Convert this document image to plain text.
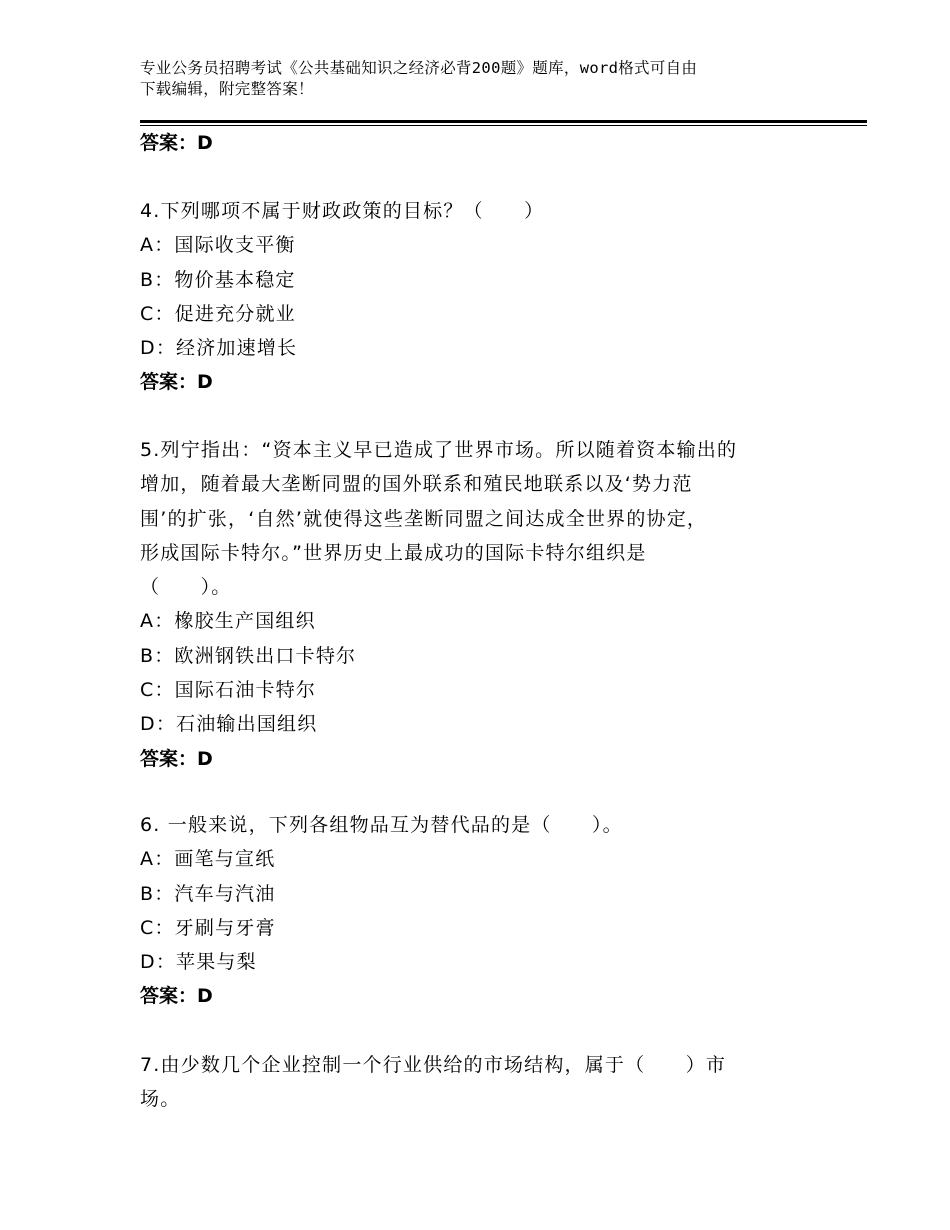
专业公务员招聘考试《公共基础知识之经济必背200题》题库，word格式可自由
下载编辑，附完整答案！
答案：D
4.下列哪项不属于财政政策的目标？（　　）
A：国际收支平衡
B：物价基本稳定
C：促进充分就业
D：经济加速增长
答案：D
5.列宁指出：“资本主义早已造成了世界市场。所以随着资本输出的
增加，随着最大垄断同盟的国外联系和殖民地联系以及‘势力范
围’的扩张，‘自然’就使得这些垄断同盟之间达成全世界的协定，
形成国际卡特尔。”世界历史上最成功的国际卡特尔组织是
（　　）。
A：橡胶生产国组织
B：欧洲钢铁出口卡特尔
C：国际石油卡特尔
D：石油输出国组织
答案：D
6. 一般来说，下列各组物品互为替代品的是（　　）。
A：画笔与宣纸
B：汽车与汽油
C：牙刷与牙膏
D：苹果与梨
答案：D
7.由少数几个企业控制一个行业供给的市场结构，属于（　　）市
场。
